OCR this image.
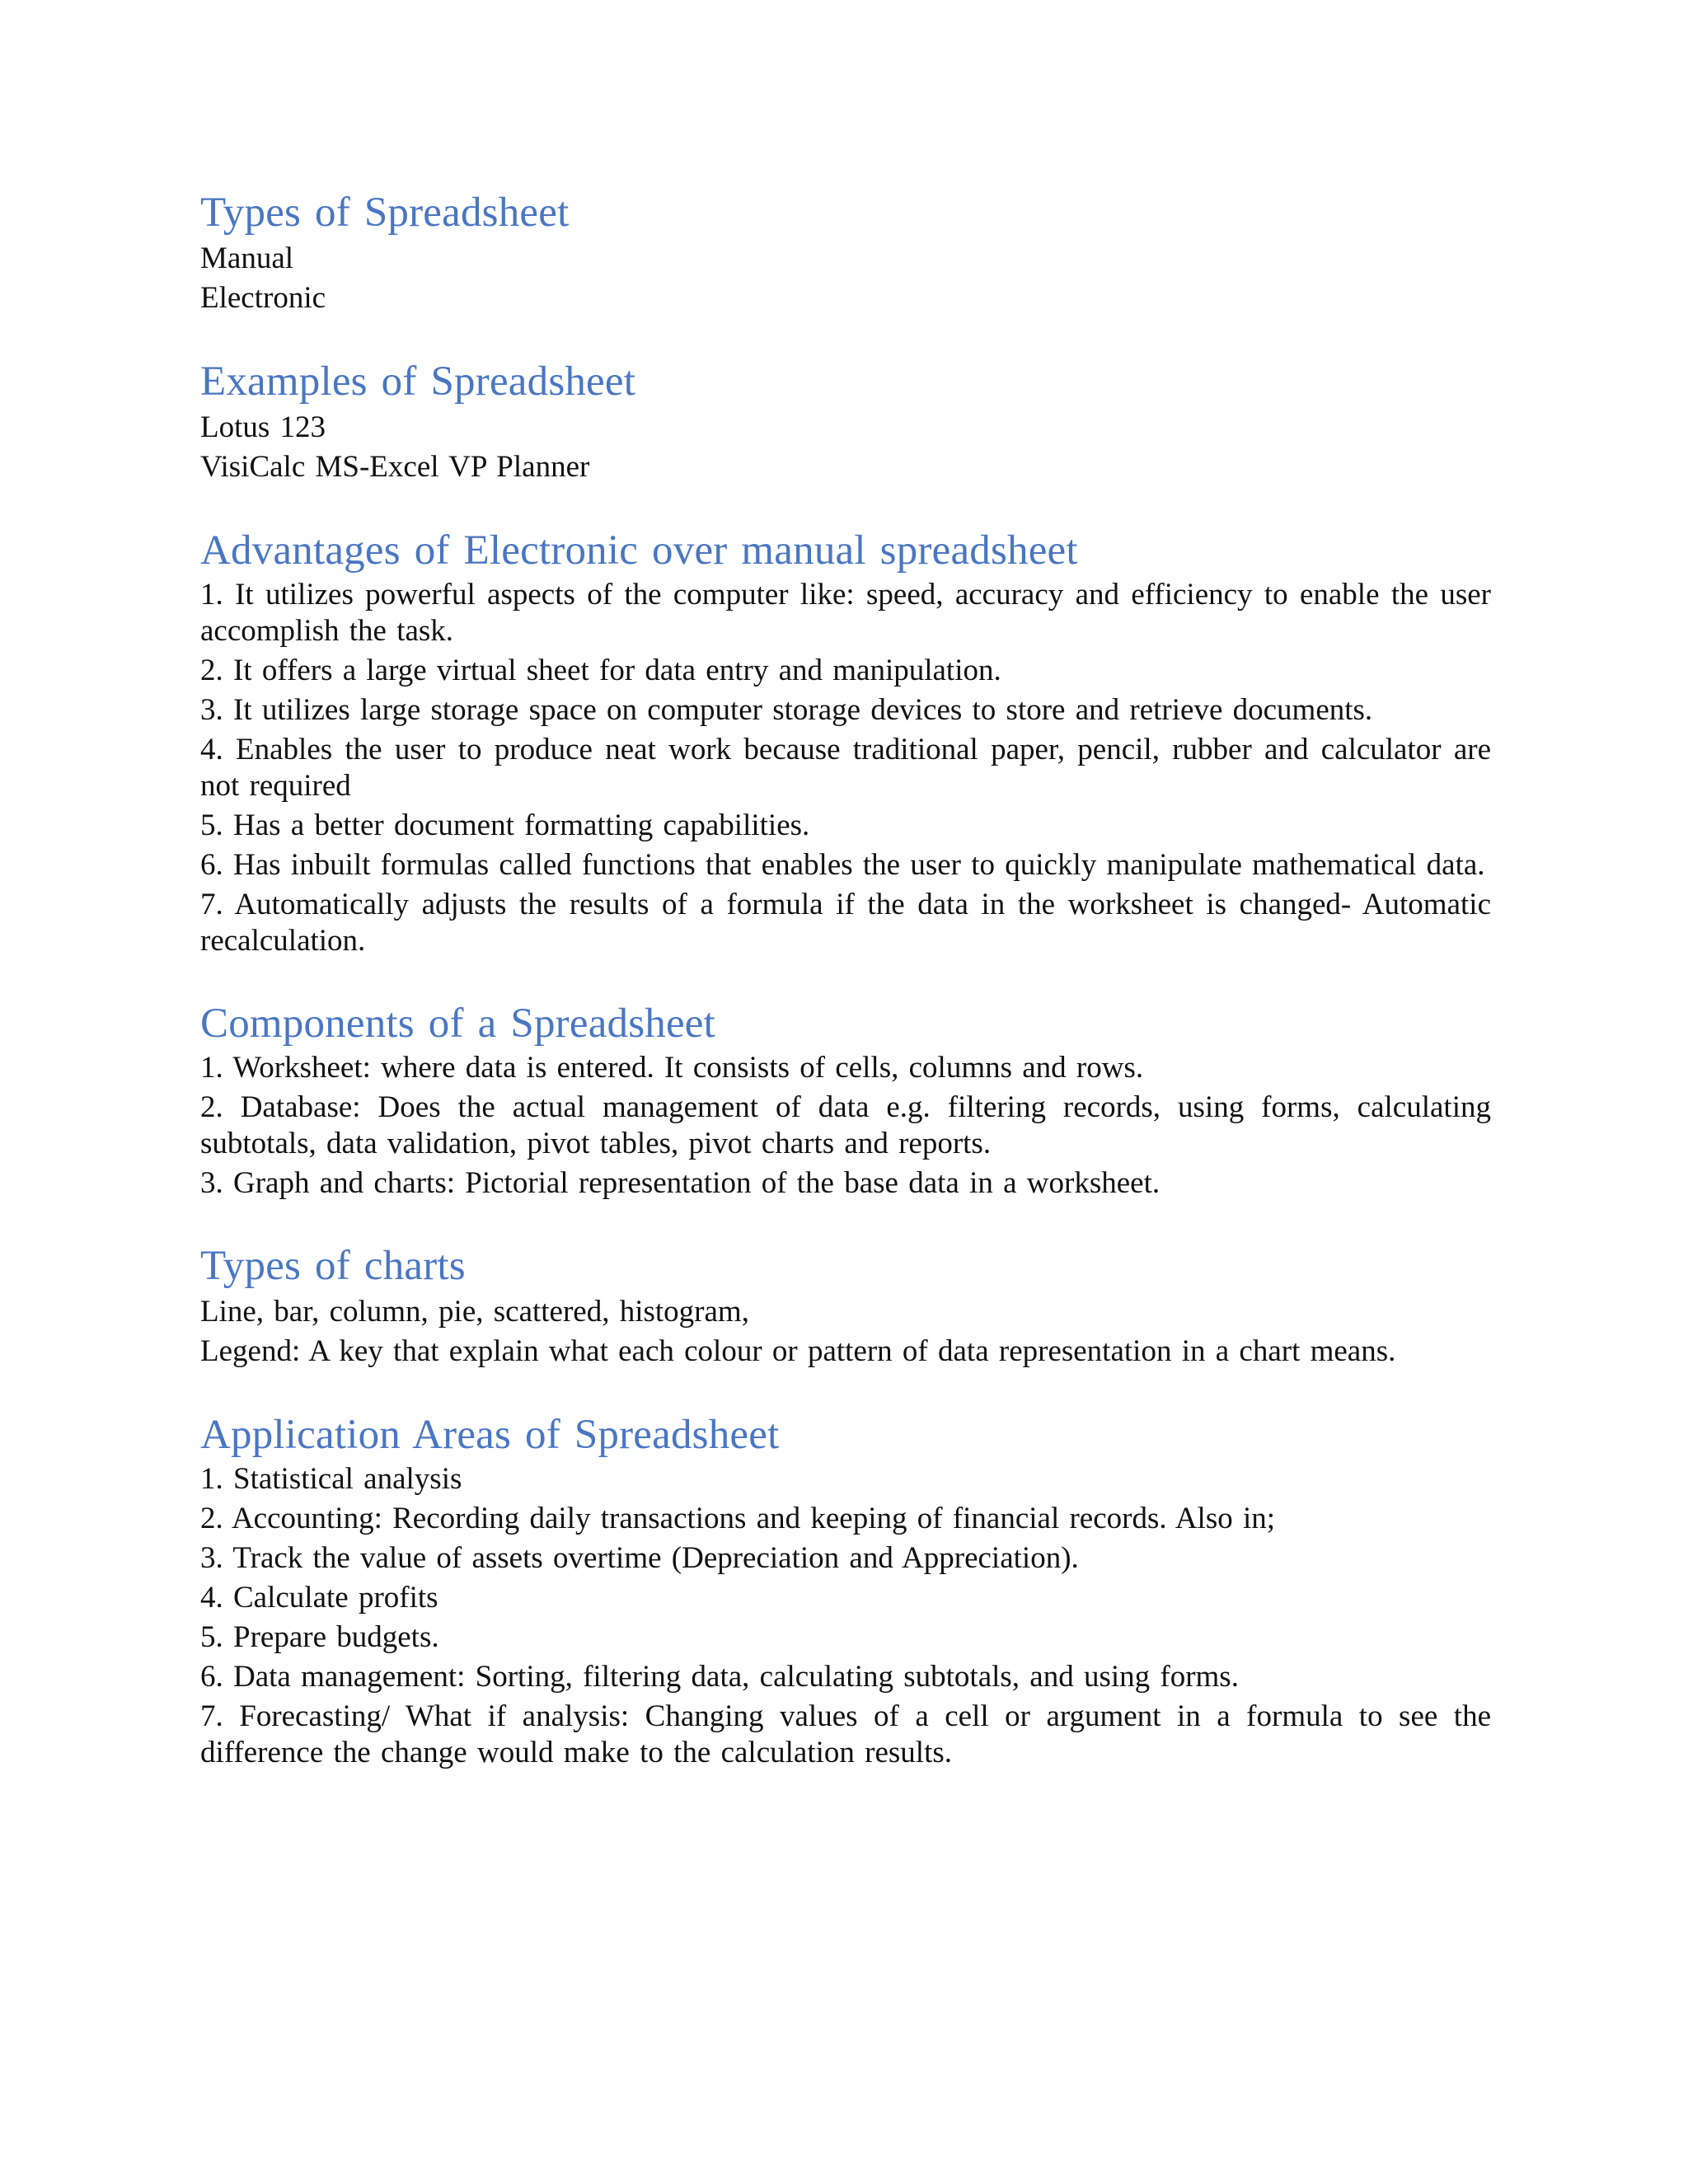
Types of Spreadsheet
Manual
Electronic
Examples of Spreadsheet
Lotus 123
VisiCalc MS-Excel VP Planner
Advantages of Electronic over manual spreadsheet
1. It utilizes powerful aspects of the computer like: speed, accuracy and efficiency to enable the user accomplish the task.
2. It offers a large virtual sheet for data entry and manipulation.
3. It utilizes large storage space on computer storage devices to store and retrieve documents.
4. Enables the user to produce neat work because traditional paper, pencil, rubber and calculator are not required
5. Has a better document formatting capabilities.
6. Has inbuilt formulas called functions that enables the user to quickly manipulate mathematical data.
7. Automatically adjusts the results of a formula if the data in the worksheet is changed- Automatic recalculation.
Components of a Spreadsheet
1. Worksheet: where data is entered. It consists of cells, columns and rows.
2. Database: Does the actual management of data e.g. filtering records, using forms, calculating subtotals, data validation, pivot tables, pivot charts and reports.
3. Graph and charts: Pictorial representation of the base data in a worksheet.
Types of charts
Line, bar, column, pie, scattered, histogram,
Legend: A key that explain what each colour or pattern of data representation in a chart means.
Application Areas of Spreadsheet
1. Statistical analysis
2. Accounting: Recording daily transactions and keeping of financial records. Also in;
3. Track the value of assets overtime (Depreciation and Appreciation).
4. Calculate profits
5. Prepare budgets.
6. Data management: Sorting, filtering data, calculating subtotals, and using forms.
7. Forecasting/ What if analysis: Changing values of a cell or argument in a formula to see the difference the change would make to the calculation results.
